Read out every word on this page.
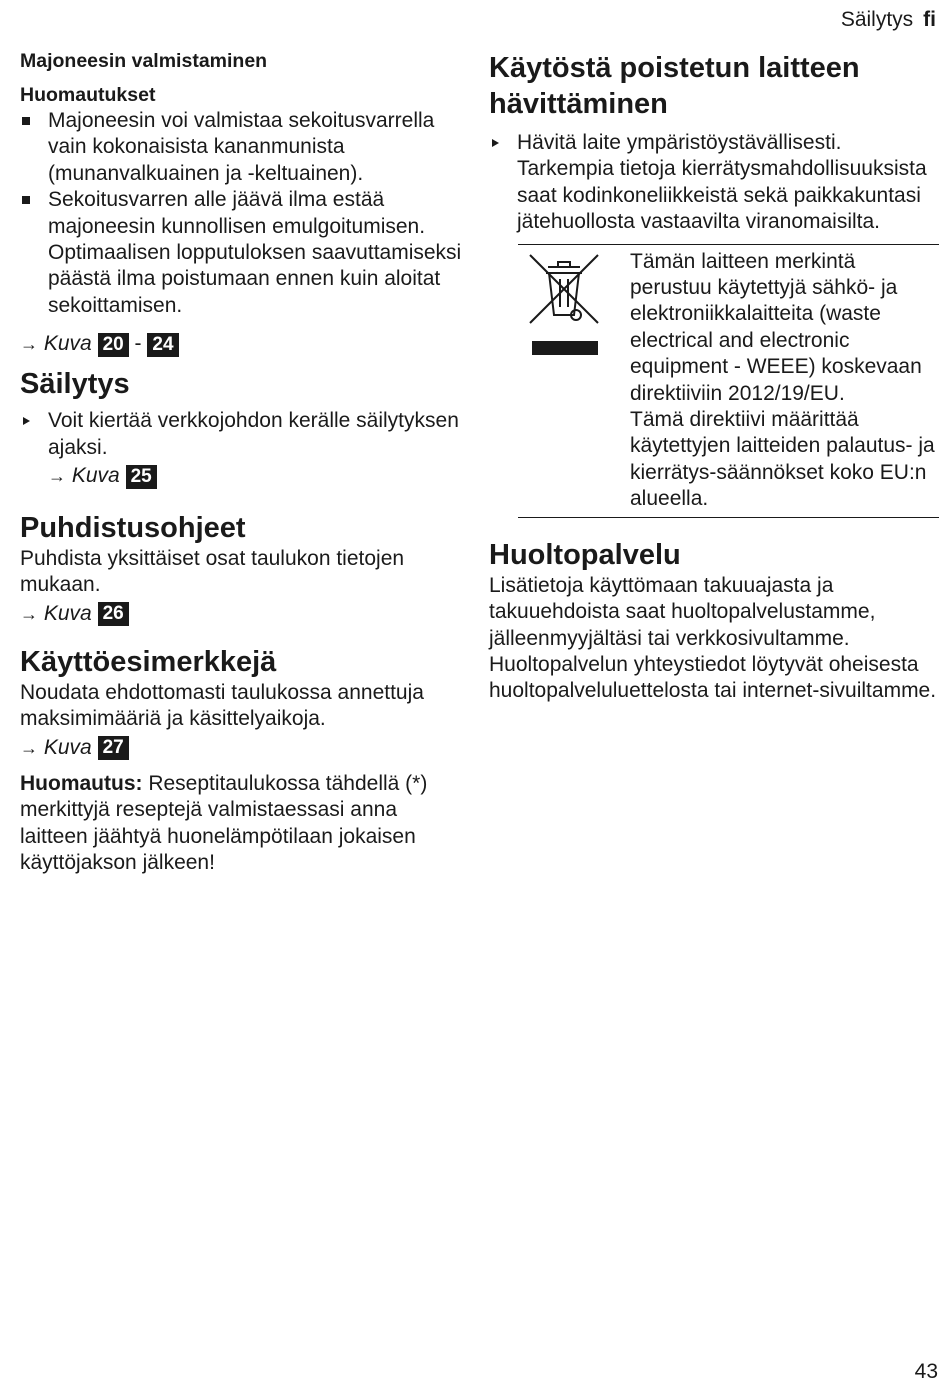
Säilytys fi
Majoneesin valmistaminen
Huomautukset
Majoneesin voi valmistaa sekoitusvarrella vain kokonaisista kananmunista (munanvalkuainen ja -keltuainen).
Sekoitusvarren alle jäävä ilma estää majoneesin kunnollisen emulgoitumisen. Optimaalisen lopputuloksen saavuttamiseksi päästä ilma poistumaan ennen kuin aloitat sekoittamisen.
→ Kuva 20 - 24
Säilytys
Voit kiertää verkkojohdon kerälle säilytyksen ajaksi.
→ Kuva 25
Puhdistusohjeet

Puhdista yksittäiset osat taulukon tietojen mukaan.

→ Kuva 26
Käyttöesimerkkejä

Noudata ehdottomasti taulukossa annettuja maksimimääriä ja käsittelyaikoja.

→ Kuva 27

Huomautus: Reseptitaulukossa tähdellä (*) merkittyjä reseptejä valmistaessasi anna laitteen jäähtyä huonelämpötilaan jokaisen käyttöjakson jälkeen!

Käytöstä poistetun laitteen hävittäminen
Hävitä laite ympäristöystävällisesti.

Tarkempia tietoja kierrätysmahdollisuuksista saat kodinkoneliikkeistä sekä paikkakuntasi jätehuollosta vastaavilta viranomaisilta.

Tämän laitteen merkintä perustuu käytettyjä sähkö- ja elektroniikkalaitteita (waste electrical and electronic equipment - WEEE) koskevaan direktiiviin 2012/19/EU.

Tämä direktiivi määrittää käytettyjen laitteiden palautus- ja kierrätys-säännökset koko EU:n alueella.

Huoltopalvelu

Lisätietoja käyttömaan takuuajasta ja takuuehdoista saat huoltopalvelustamme, jälleenmyyjältäsi tai verkkosivultamme. Huoltopalvelun yhteystiedot löytyvät oheisesta huoltopalveluluettelosta tai internet-sivuiltamme.

43
